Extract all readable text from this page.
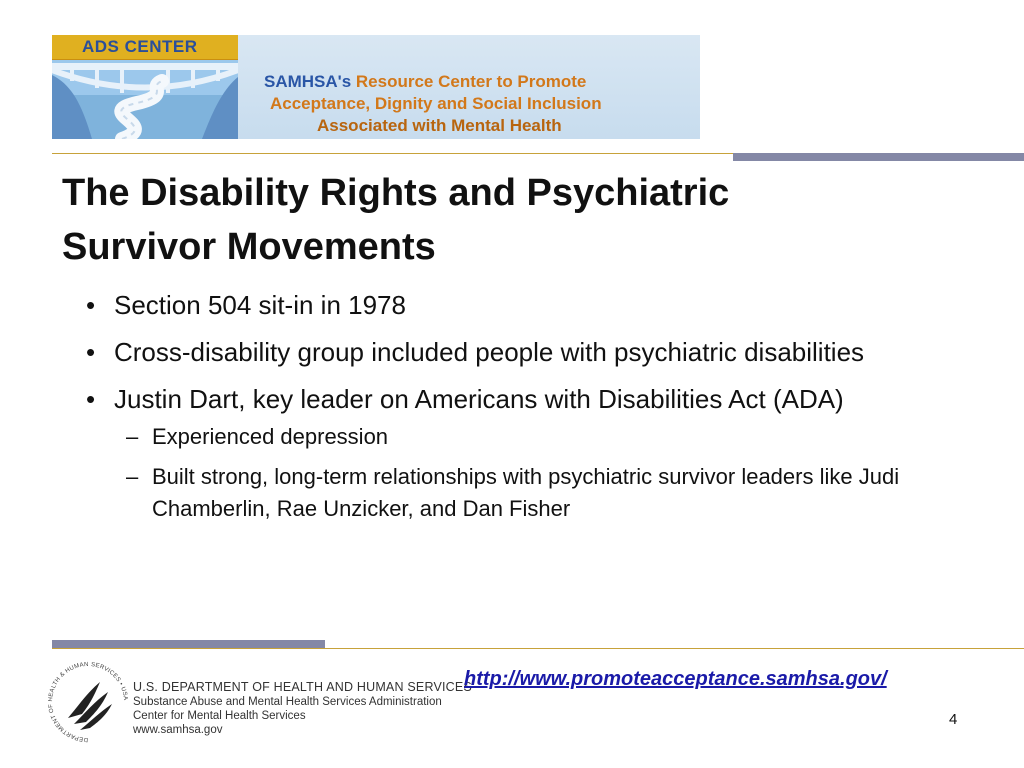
ADS CENTER
SAMHSA's Resource Center to Promote
Acceptance, Dignity and Social Inclusion
Associated with Mental Health
The Disability Rights and Psychiatric
Survivor Movements
• Section 504 sit-in in 1978
• Cross-disability group included people with psychiatric disabilities
• Justin Dart, key leader on Americans with Disabilities Act (ADA)
– Experienced depression
– Built strong, long-term relationships with psychiatric survivor leaders like Judi Chamberlin, Rae Unzicker, and Dan Fisher
DEPARTMENT OF HEALTH & HUMAN SERVICES • USA
U.S. DEPARTMENT OF HEALTH AND HUMAN SERVICES
Substance Abuse and Mental Health Services Administration
Center for Mental Health Services
www.samhsa.gov
http://www.promoteacceptance.samhsa.gov/
4
